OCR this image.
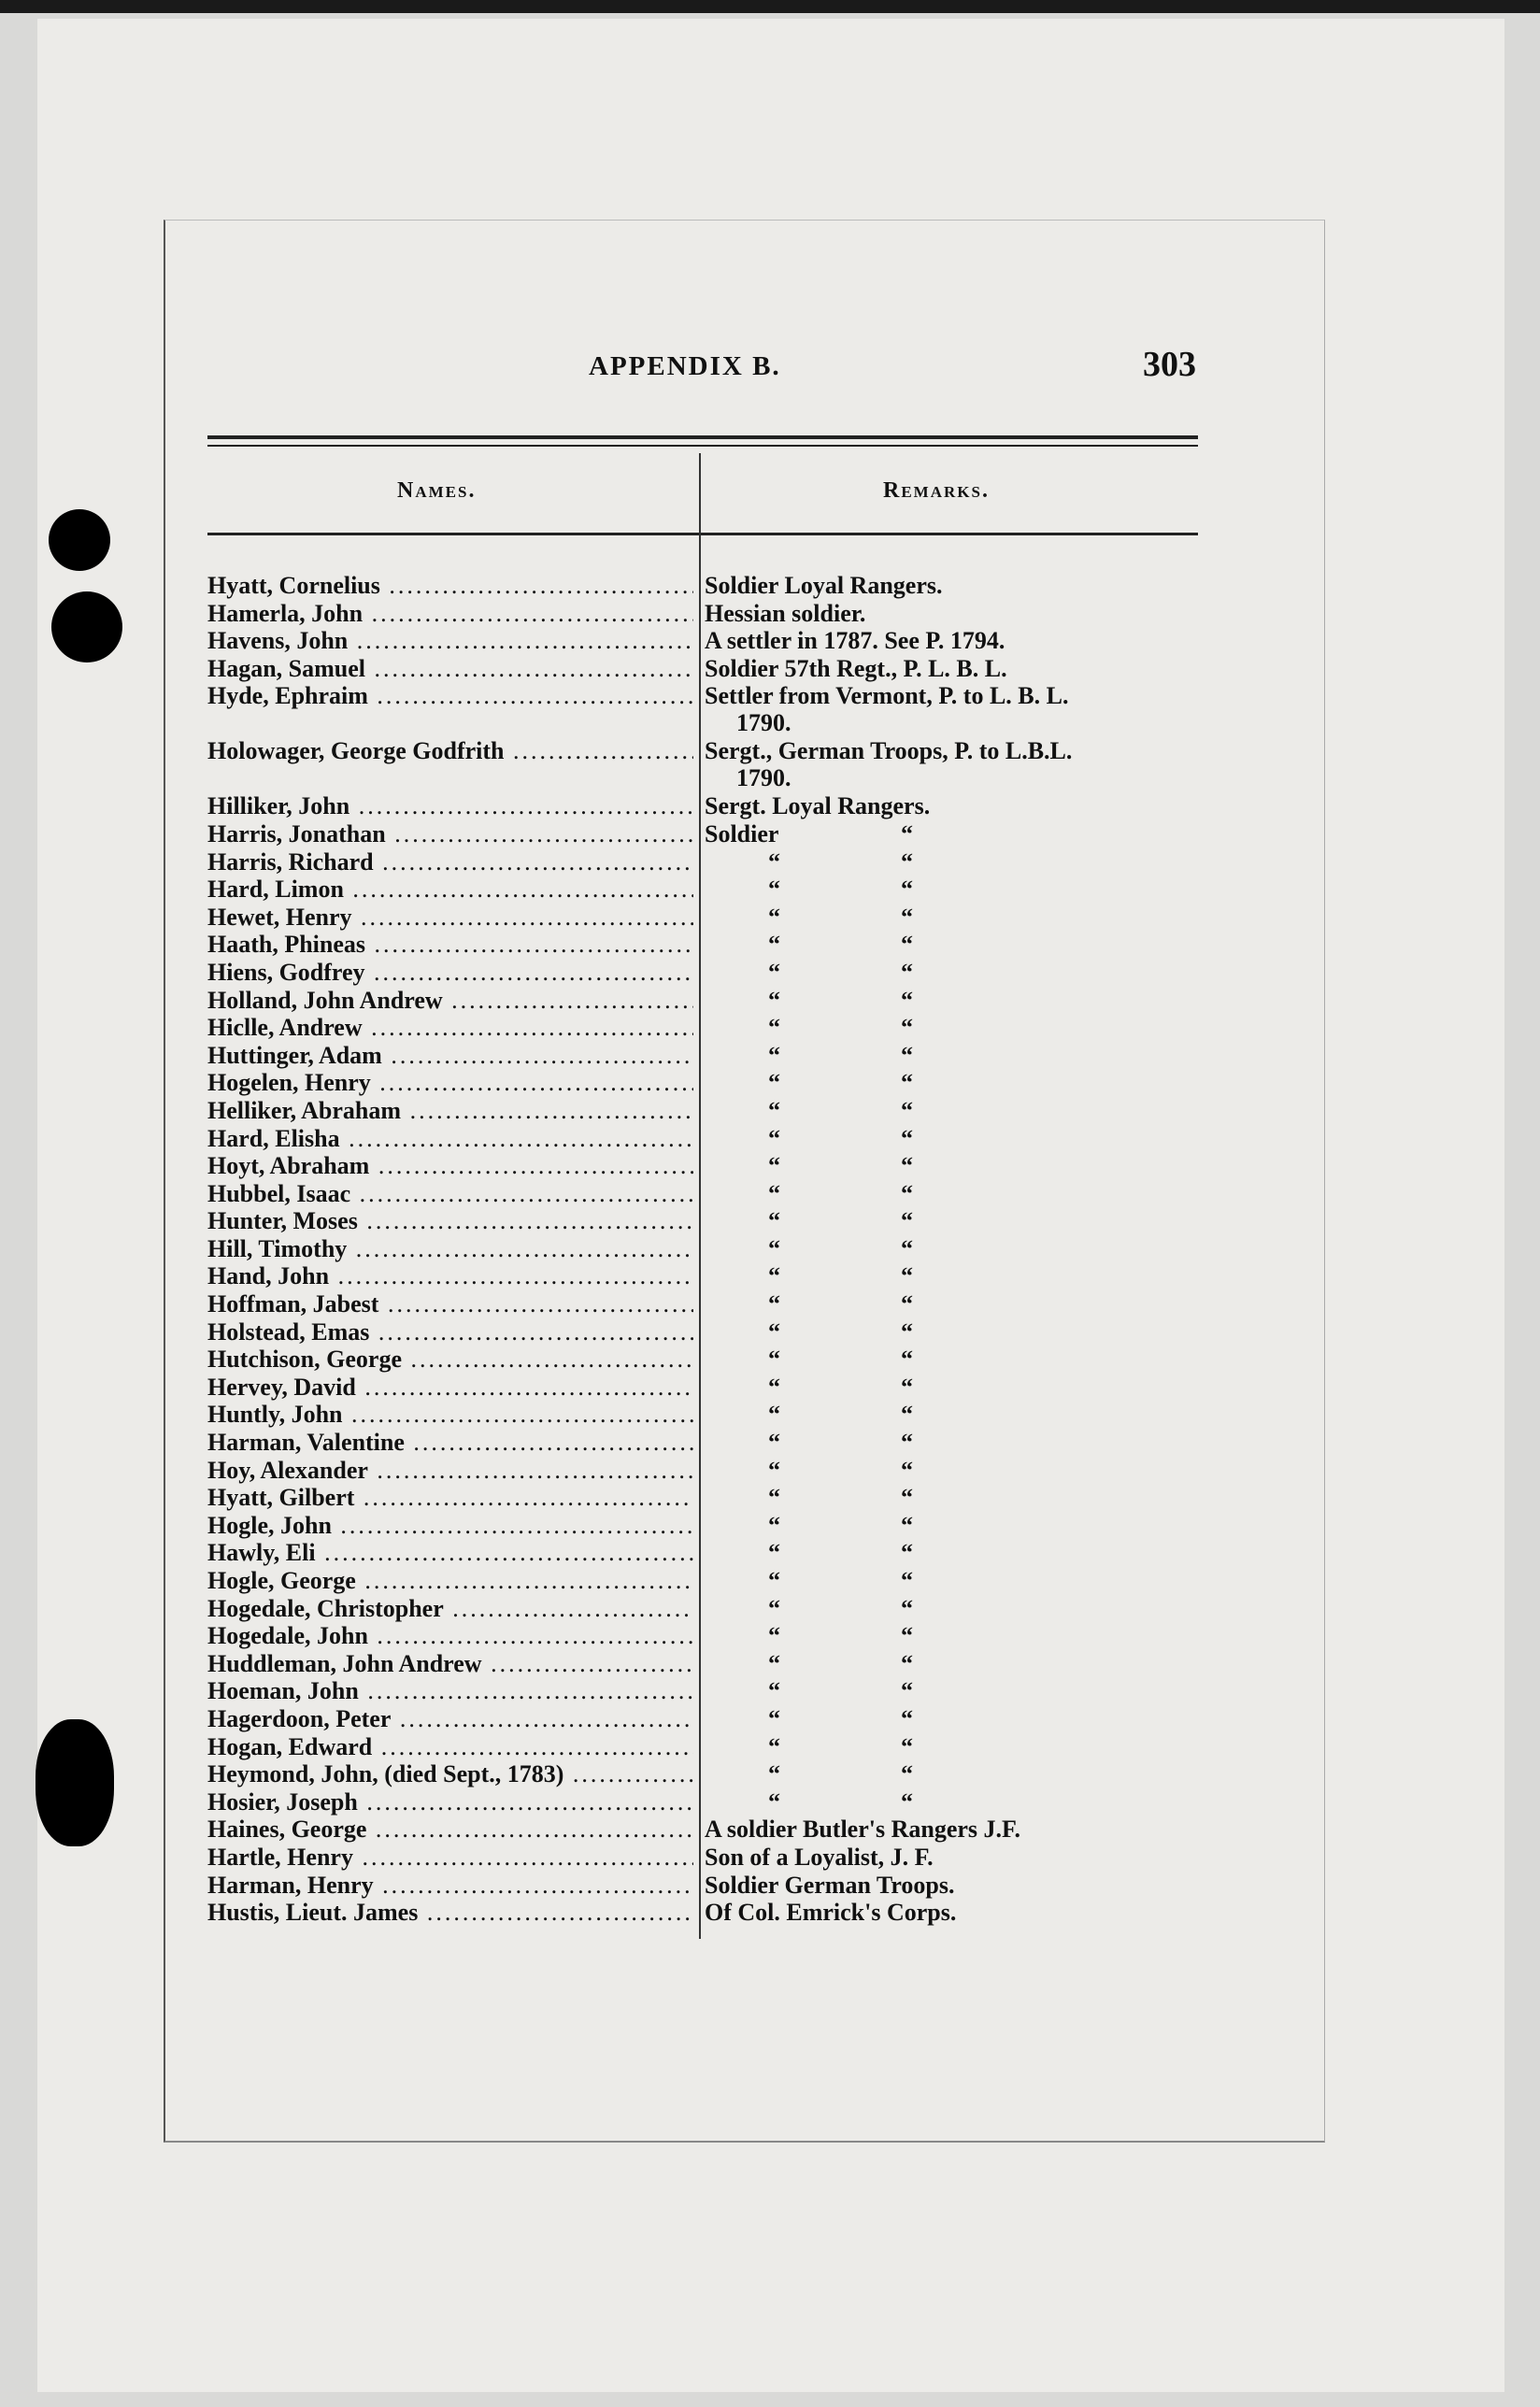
APPENDIX B.	303
Names.	Remarks.
Hyatt, Cornelius .....	Soldier Loyal Rangers.
Hamerla, John .....	Hessian soldier.
Havens, John .....	A settler in 1787. See P. 1794.
Hagan, Samuel .....	Soldier 57th Regt., P. L. B. L.
Hyde, Ephraim .....	Settler from Vermont, P. to L. B. L.
1790.
Holowager, George Godfrith .....	Sergt., German Troops, P. to L.B.L.
1790.
Hilliker, John .....	Sergt. Loyal Rangers.
Harris, Jonathan .....	Soldier	“
Harris, Richard .....	“	“
Hard, Limon .....	“	“
Hewet, Henry .....	“	“
Haath, Phineas .....	“	“
Hiens, Godfrey .....	“	“
Holland, John Andrew .....	“	“
Hiclle, Andrew .....	“	“
Huttinger, Adam .....	“	“
Hogelen, Henry .....	“	“
Helliker, Abraham .....	“	“
Hard, Elisha .....	“	“
Hoyt, Abraham .....	“	“
Hubbel, Isaac .....	“	“
Hunter, Moses .....	“	“
Hill, Timothy .....	“	“
Hand, John .....	“	“
Hoffman, Jabest .....	“	“
Holstead, Emas .....	“	“
Hutchison, George .....	“	“
Hervey, David .....	“	“
Huntly, John .....	“	“
Harman, Valentine .....	“	“
Hoy, Alexander .....	“	“
Hyatt, Gilbert .....	“	“
Hogle, John .....	“	“
Hawly, Eli .....	“	“
Hogle, George .....	“	“
Hogedale, Christopher .....	“	“
Hogedale, John .....	“	“
Huddleman, John Andrew .....	“	“
Hoeman, John .....	“	“
Hagerdoon, Peter .....	“	“
Hogan, Edward .....	“	“
Heymond, John, (died Sept., 1783) .....	“	“
Hosier, Joseph .....	“	“
Haines, George .....	A soldier Butler's Rangers J.F.
Hartle, Henry .....	Son of a Loyalist, J. F.
Harman, Henry .....	Soldier German Troops.
Hustis, Lieut. James .....	Of Col. Emrick's Corps.
